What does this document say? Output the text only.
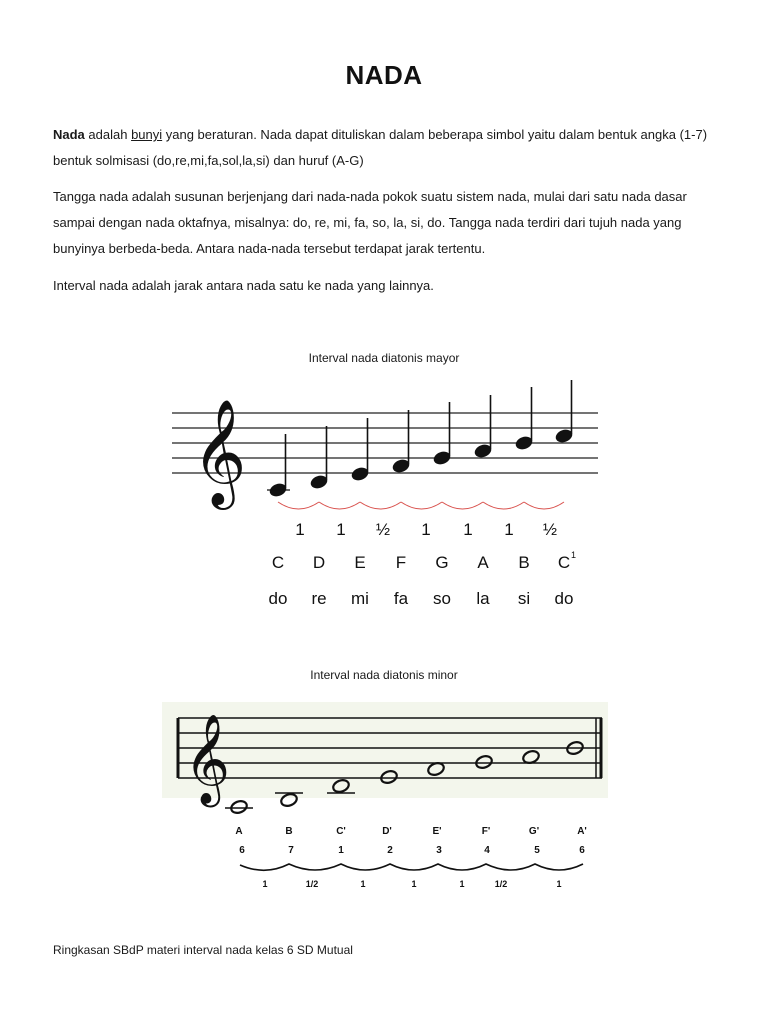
NADA
Nada adalah bunyi yang beraturan. Nada dapat dituliskan dalam beberapa simbol yaitu dalam bentuk angka (1-7) bentuk solmisasi (do,re,mi,fa,sol,la,si) dan huruf (A-G)
Tangga nada adalah susunan berjenjang dari nada-nada pokok suatu sistem nada, mulai dari satu nada dasar sampai dengan nada oktafnya, misalnya: do, re, mi, fa, so, la, si, do. Tangga nada terdiri dari tujuh nada yang bunyinya berbeda-beda. Antara nada-nada tersebut terdapat jarak tertentu.
Interval nada adalah jarak antara nada satu ke nada yang lainnya.
Interval nada diatonis mayor
𝄞
1 1 ½ 1 1 1 ½
C D E F G A B C 1
do re mi fa so la si do
Interval nada diatonis minor
𝄞
A	B	C'	D'	E'	F'	G'	A'
6	7	1	2	3	4	5	6
1	1/2	1	1	1	1/2	1
Ringkasan SBdP materi interval nada kelas 6 SD Mutual
